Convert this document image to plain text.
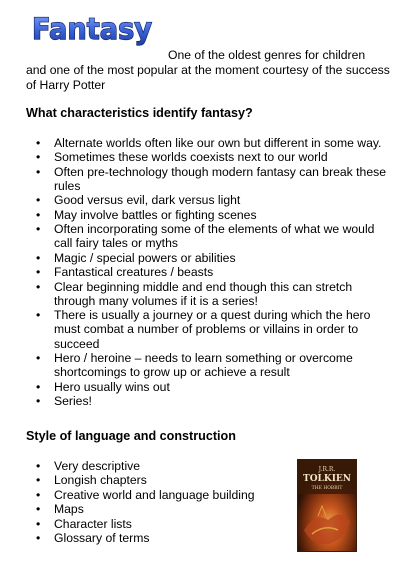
Fantasy
One of the oldest genres for children
and one of the most popular at the moment courtesy of the success of Harry Potter
What characteristics identify fantasy?
• Alternate worlds often like our own but different in some way.
• Sometimes these worlds coexists next to our world
• Often pre-technology though modern fantasy can break these rules
• Good versus evil, dark versus light
• May involve battles or fighting scenes
• Often incorporating some of the elements of what we would call fairy tales or myths
• Magic / special powers or abilities
• Fantastical creatures / beasts
• Clear beginning middle and end though this can stretch through many volumes if it is a series!
• There is usually a journey or a quest during which the hero must combat a number of problems or villains in order to succeed
• Hero / heroine – needs to learn something or overcome shortcomings to grow up or achieve a result
• Hero usually wins out
• Series!
Style of language and construction
• Very descriptive
• Longish chapters
• Creative world and language building
• Maps
• Character lists
• Glossary of terms
J.R.R.
TOLKIEN
THE HOBBIT
